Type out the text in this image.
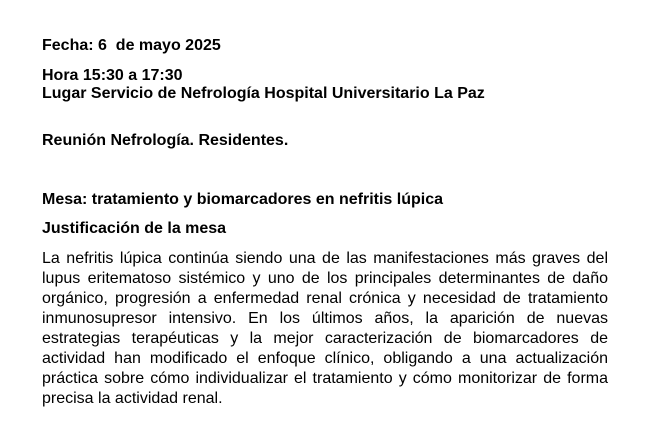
Fecha: 6  de mayo 2025
Hora 15:30 a 17:30
Lugar Servicio de Nefrología Hospital Universitario La Paz
Reunión Nefrología. Residentes.
Mesa: tratamiento y biomarcadores en nefritis lúpica
Justificación de la mesa
La nefritis lúpica continúa siendo una de las manifestaciones más graves del
lupus eritematoso sistémico y uno de los principales determinantes de daño
orgánico, progresión a enfermedad renal crónica y necesidad de tratamiento
inmunosupresor intensivo. En los últimos años, la aparición de nuevas
estrategias terapéuticas y la mejor caracterización de biomarcadores de
actividad han modificado el enfoque clínico, obligando a una actualización
práctica sobre cómo individualizar el tratamiento y cómo monitorizar de forma
precisa la actividad renal.
